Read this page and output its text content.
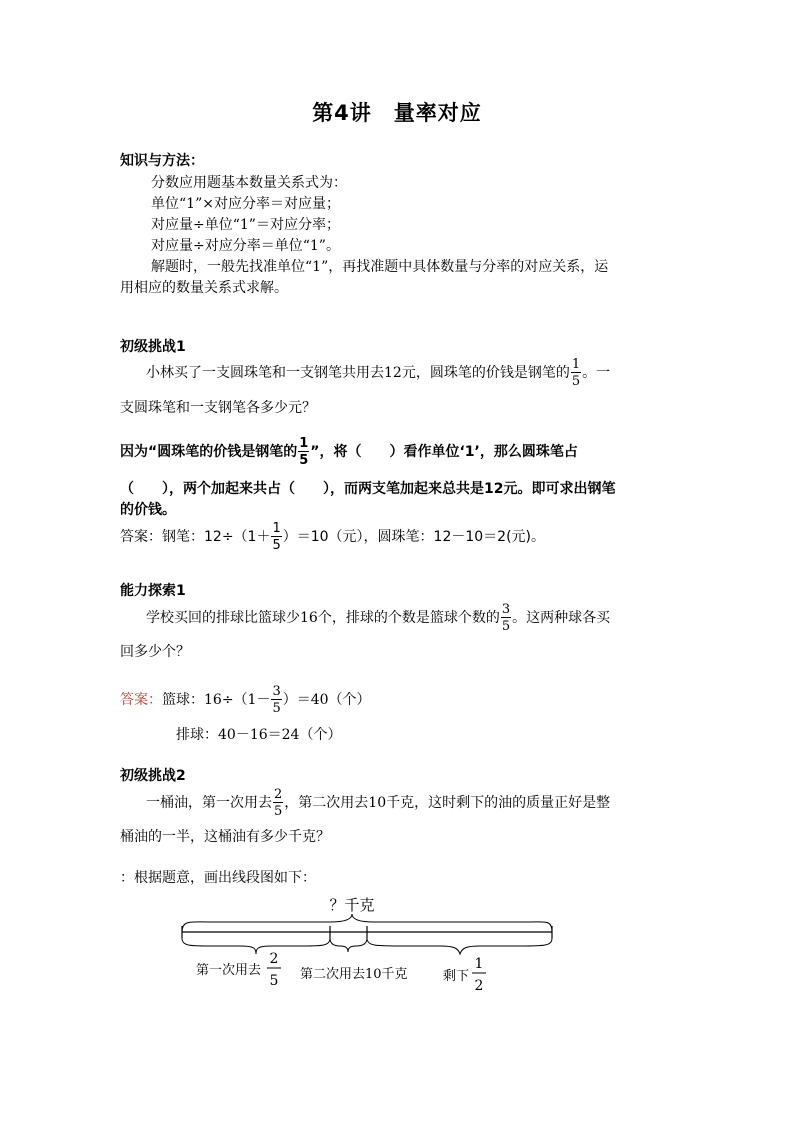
第4讲　量率对应
知识与方法：
分数应用题基本数量关系式为：
单位“1”×对应分率＝对应量；
对应量÷单位“1”＝对应分率；
对应量÷对应分率＝单位“1”。
解题时，一般先找准单位“1”，再找准题中具体数量与分率的对应关系，运
用相应的数量关系式求解。
初级挑战1
小林买了一支圆珠笔和一支钢笔共用去12元，圆珠笔的价钱是钢笔的 $\frac{1}{5}$ 。一
支圆珠笔和一支钢笔各多少元？
因为“圆珠笔的价钱是钢笔的 $\frac{1}{5}$ ”，将（　　）看作单位‘1’，那么圆珠笔占
（　　），两个加起来共占（　　），而两支笔加起来总共是12元。即可求出钢笔
的价钱。
答案：钢笔：$12\div(1+ \frac{1}{5} )=10$（元），圆珠笔：12－10＝2(元)。
能力探索1
学校买回的排球比篮球少16个，排球的个数是篮球个数的 $\frac{3}{5}$ 。这两种球各买
回多少个？
答案：篮球：$16\div(1- \frac{3}{5} )=40$（个）
排球：40－16＝24（个）
初级挑战2
一桶油，第一次用去 $\frac{2}{5}$ ，第二次用去10千克，这时剩下的油的质量正好是整
桶油的一半，这桶油有多少千克？
：根据题意，画出线段图如下：
？千克
第一次用去
2
5 第二次用去10千克	剩下
1
2
